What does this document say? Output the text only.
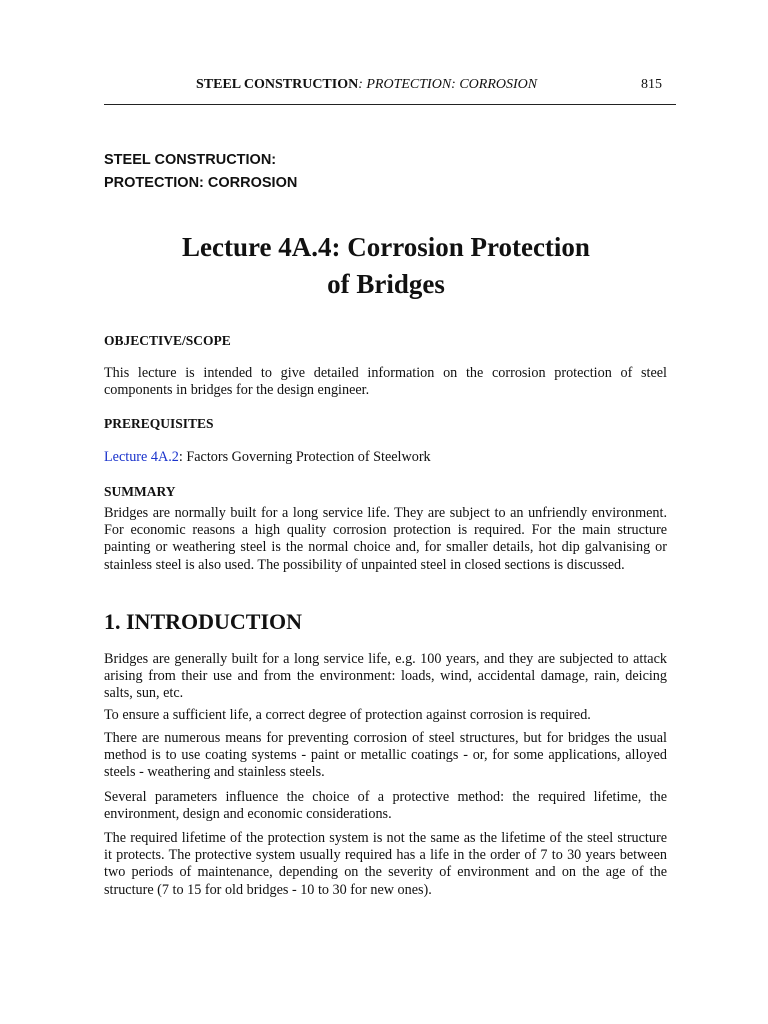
STEEL CONSTRUCTION: PROTECTION: CORROSION	815
STEEL CONSTRUCTION:
PROTECTION: CORROSION
Lecture 4A.4: Corrosion Protection
of Bridges
OBJECTIVE/SCOPE
This lecture is intended to give detailed information on the corrosion protection of steel components in bridges for the design engineer.
PREREQUISITES
Lecture 4A.2: Factors Governing Protection of Steelwork
SUMMARY
Bridges are normally built for a long service life. They are subject to an unfriendly environment. For economic reasons a high quality corrosion protection is required. For the main structure painting or weathering steel is the normal choice and, for smaller details, hot dip galvanising or stainless steel is also used. The possibility of unpainted steel in closed sections is discussed.
1. INTRODUCTION
Bridges are generally built for a long service life, e.g. 100 years, and they are subjected to attack arising from their use and from the environment: loads, wind, accidental damage, rain, deicing salts, sun, etc.
To ensure a sufficient life, a correct degree of protection against corrosion is required.
There are numerous means for preventing corrosion of steel structures, but for bridges the usual method is to use coating systems - paint or metallic coatings - or, for some applications, alloyed steels - weathering and stainless steels.
Several parameters influence the choice of a protective method: the required lifetime, the environment, design and economic considerations.
The required lifetime of the protection system is not the same as the lifetime of the steel structure it protects. The protective system usually required has a life in the order of 7 to 30 years between two periods of maintenance, depending on the severity of environment and on the age of the structure (7 to 15 for old bridges - 10 to 30 for new ones).
